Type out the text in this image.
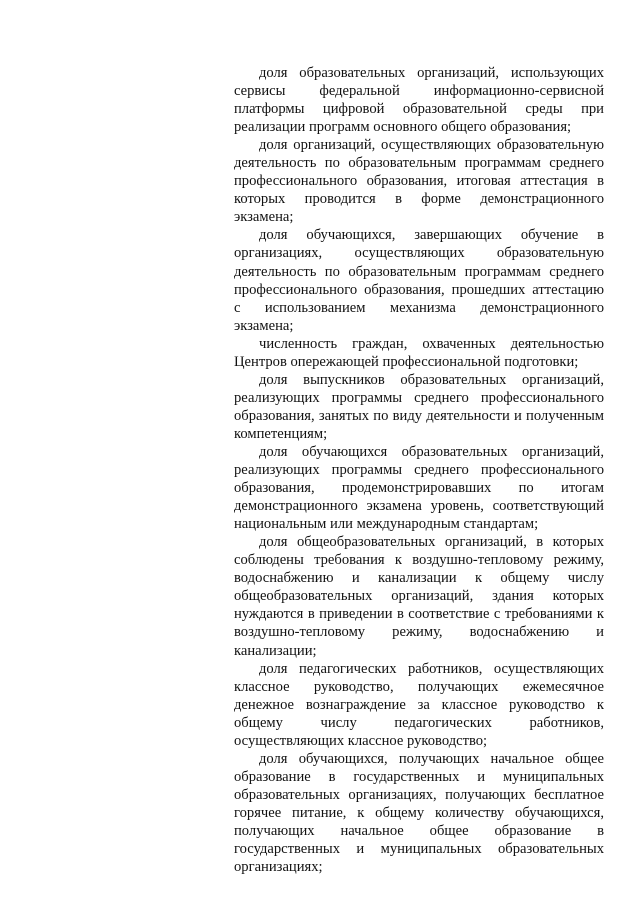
доля образовательных организаций, использующих сервисы федеральной информационно-сервисной платформы цифровой образовательной среды при реализации программ основного общего образования;

доля организаций, осуществляющих образовательную деятельность по образовательным программам среднего профессионального образования, итоговая аттестация в которых проводится в форме демонстрационного экзамена;

доля обучающихся, завершающих обучение в организациях, осуществляющих образовательную деятельность по образовательным программам среднего профессионального образования, прошедших аттестацию с использованием механизма демонстрационного экзамена;

численность граждан, охваченных деятельностью Центров опережающей профессиональной подготовки;

доля выпускников образовательных организаций, реализующих программы среднего профессионального образования, занятых по виду деятельности и полученным компетенциям;

доля обучающихся образовательных организаций, реализующих программы среднего профессионального образования, продемонстрировавших по итогам демонстрационного экзамена уровень, соответствующий национальным или международным стандартам;

доля общеобразовательных организаций, в которых соблюдены требования к воздушно-тепловому режиму, водоснабжению и канализации к общему числу общеобразовательных организаций, здания которых нуждаются в приведении в соответствие с требованиями к воздушно-тепловому режиму, водоснабжению и канализации;

доля педагогических работников, осуществляющих классное руководство, получающих ежемесячное денежное вознаграждение за классное руководство к общему числу педагогических работников, осуществляющих классное руководство;

доля обучающихся, получающих начальное общее образование в государственных и муниципальных образовательных организациях, получающих бесплатное горячее питание, к общему количеству обучающихся, получающих начальное общее образование в государственных и муниципальных образовательных организациях;
